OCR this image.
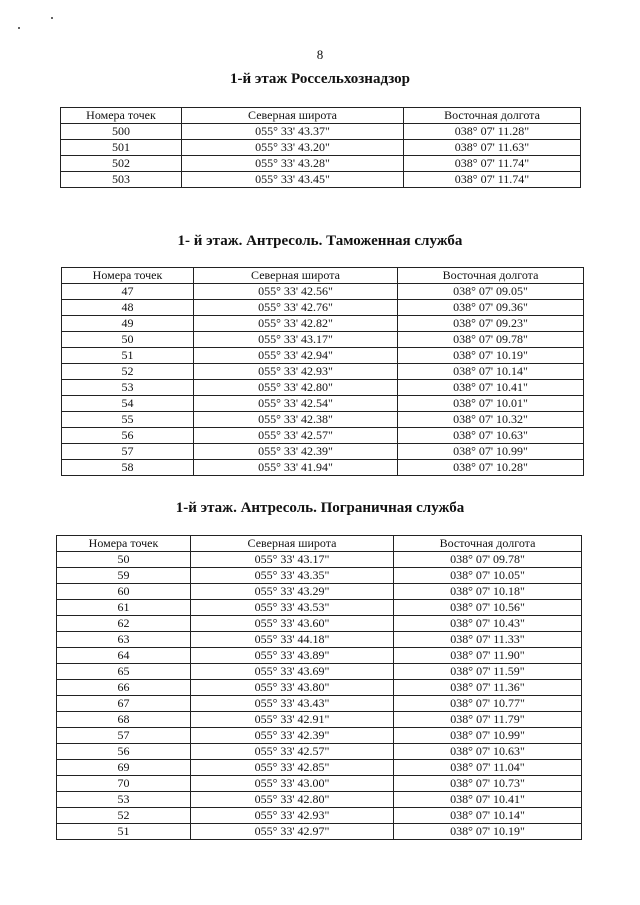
8
1-й этаж Россельхознадзор
Номера точек	Северная широта	Восточная долгота
500	055° 33' 43.37"	038° 07' 11.28"
501	055° 33' 43.20"	038° 07' 11.63"
502	055° 33' 43.28"	038° 07' 11.74"
503	055° 33' 43.45"	038° 07' 11.74"
1- й этаж. Антресоль. Таможенная служба
Номера точек	Северная широта	Восточная долгота
47	055° 33' 42.56"	038° 07' 09.05"
48	055° 33' 42.76"	038° 07' 09.36"
49	055° 33' 42.82"	038° 07' 09.23"
50	055° 33' 43.17"	038° 07' 09.78"
51	055° 33' 42.94"	038° 07' 10.19"
52	055° 33' 42.93"	038° 07' 10.14"
53	055° 33' 42.80"	038° 07' 10.41"
54	055° 33' 42.54"	038° 07' 10.01"
55	055° 33' 42.38"	038° 07' 10.32"
56	055° 33' 42.57"	038° 07' 10.63"
57	055° 33' 42.39"	038° 07' 10.99"
58	055° 33' 41.94"	038° 07' 10.28"
1-й этаж. Антресоль. Пограничная служба
Номера точек	Северная широта	Восточная долгота
50	055° 33' 43.17"	038° 07' 09.78"
59	055° 33' 43.35"	038° 07' 10.05"
60	055° 33' 43.29"	038° 07' 10.18"
61	055° 33' 43.53"	038° 07' 10.56"
62	055° 33' 43.60"	038° 07' 10.43"
63	055° 33' 44.18"	038° 07' 11.33"
64	055° 33' 43.89"	038° 07' 11.90"
65	055° 33' 43.69"	038° 07' 11.59"
66	055° 33' 43.80"	038° 07' 11.36"
67	055° 33' 43.43"	038° 07' 10.77"
68	055° 33' 42.91"	038° 07' 11.79"
57	055° 33' 42.39"	038° 07' 10.99"
56	055° 33' 42.57"	038° 07' 10.63"
69	055° 33' 42.85"	038° 07' 11.04"
70	055° 33' 43.00"	038° 07' 10.73"
53	055° 33' 42.80"	038° 07' 10.41"
52	055° 33' 42.93"	038° 07' 10.14"
51	055° 33' 42.97"	038° 07' 10.19"
